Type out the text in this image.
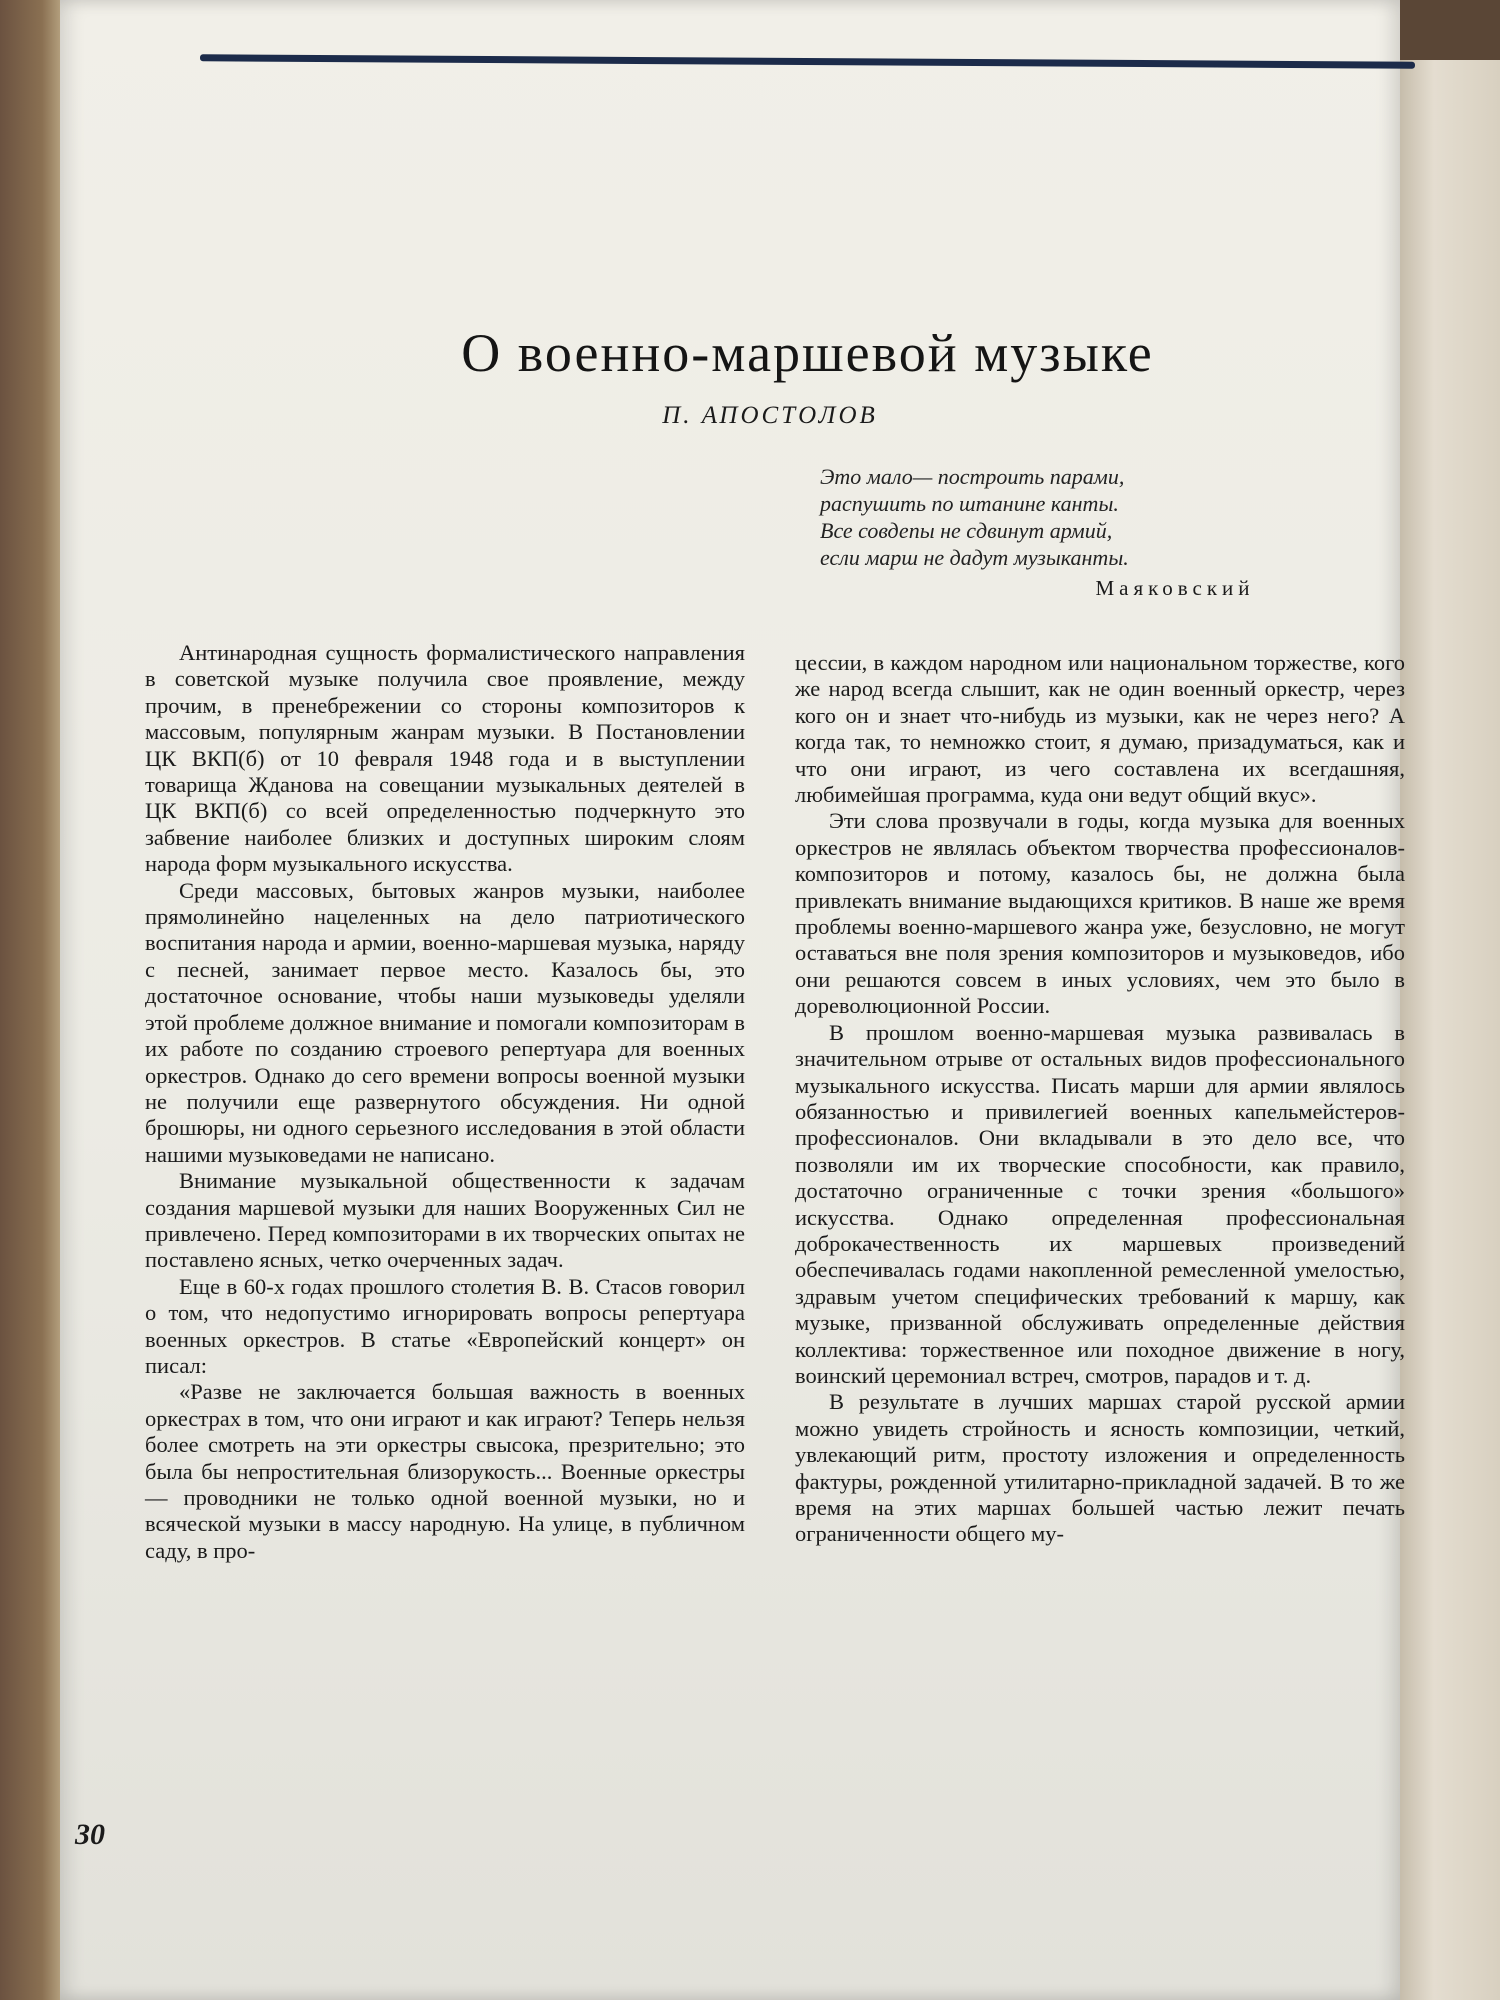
О военно-маршевой музыке
П. АПОСТОЛОВ
Это мало— построить парами,
распушить по штанине канты.
Все совдепы не сдвинут армий,
если марш не дадут музыканты.
Маяковский

Антинародная сущность формалистического направления в советской музыке получила свое проявление, между прочим, в пренебрежении со стороны композиторов к массовым, популярным жанрам музыки. В Постановлении ЦК ВКП(б) от 10 февраля 1948 года и в выступлении товарища Жданова на совещании музыкальных деятелей в ЦК ВКП(б) со всей определенностью подчеркнуто это забвение наиболее близких и доступных широким слоям народа форм музыкального искусства.

Среди массовых, бытовых жанров музыки, наиболее прямолинейно нацеленных на дело патриотического воспитания народа и армии, военно-маршевая музыка, наряду с песней, занимает первое место. Казалось бы, это достаточное основание, чтобы наши музыковеды уделяли этой проблеме должное внимание и помогали композиторам в их работе по созданию строевого репертуара для военных оркестров. Однако до сего времени вопросы военной музыки не получили еще развернутого обсуждения. Ни одной брошюры, ни одного серьезного исследования в этой области нашими музыковедами не написано.

Внимание музыкальной общественности к задачам создания маршевой музыки для наших Вооруженных Сил не привлечено. Перед композиторами в их творческих опытах не поставлено ясных, четко очерченных задач.

Еще в 60-х годах прошлого столетия В. В. Стасов говорил о том, что недопустимо игнорировать вопросы репертуара военных оркестров. В статье «Европейский концерт» он писал:

«Разве не заключается большая важность в военных оркестрах в том, что они играют и как играют? Теперь нельзя более смотреть на эти оркестры свысока, презрительно; это была бы непростительная близорукость... Военные оркестры — проводники не только одной военной музыки, но и всяческой музыки в массу народную. На улице, в публичном саду, в про-

цессии, в каждом народном или национальном торжестве, кого же народ всегда слышит, как не один военный оркестр, через кого он и знает что-нибудь из музыки, как не через него? А когда так, то немножко стоит, я думаю, призадуматься, как и что они играют, из чего составлена их всегдашняя, любимейшая программа, куда они ведут общий вкус».

Эти слова прозвучали в годы, когда музыка для военных оркестров не являлась объектом творчества профессионалов-композиторов и потому, казалось бы, не должна была привлекать внимание выдающихся критиков. В наше же время проблемы военно-маршевого жанра уже, безусловно, не могут оставаться вне поля зрения композиторов и музыковедов, ибо они решаются совсем в иных условиях, чем это было в дореволюционной России.

В прошлом военно-маршевая музыка развивалась в значительном отрыве от остальных видов профессионального музыкального искусства. Писать марши для армии являлось обязанностью и привилегией военных капельмейстеров-профессионалов. Они вкладывали в это дело все, что позволяли им их творческие способности, как правило, достаточно ограниченные с точки зрения «большого» искусства. Однако определенная профессиональная доброкачественность их маршевых произведений обеспечивалась годами накопленной ремесленной умелостью, здравым учетом специфических требований к маршу, как музыке, призванной обслуживать определенные действия коллектива: торжественное или походное движение в ногу, воинский церемониал встреч, смотров, парадов и т. д.

В результате в лучших маршах старой русской армии можно увидеть стройность и ясность композиции, четкий, увлекающий ритм, простоту изложения и определенность фактуры, рожденной утилитарно-прикладной задачей. В то же время на этих маршах большей частью лежит печать ограниченности общего му-

30
